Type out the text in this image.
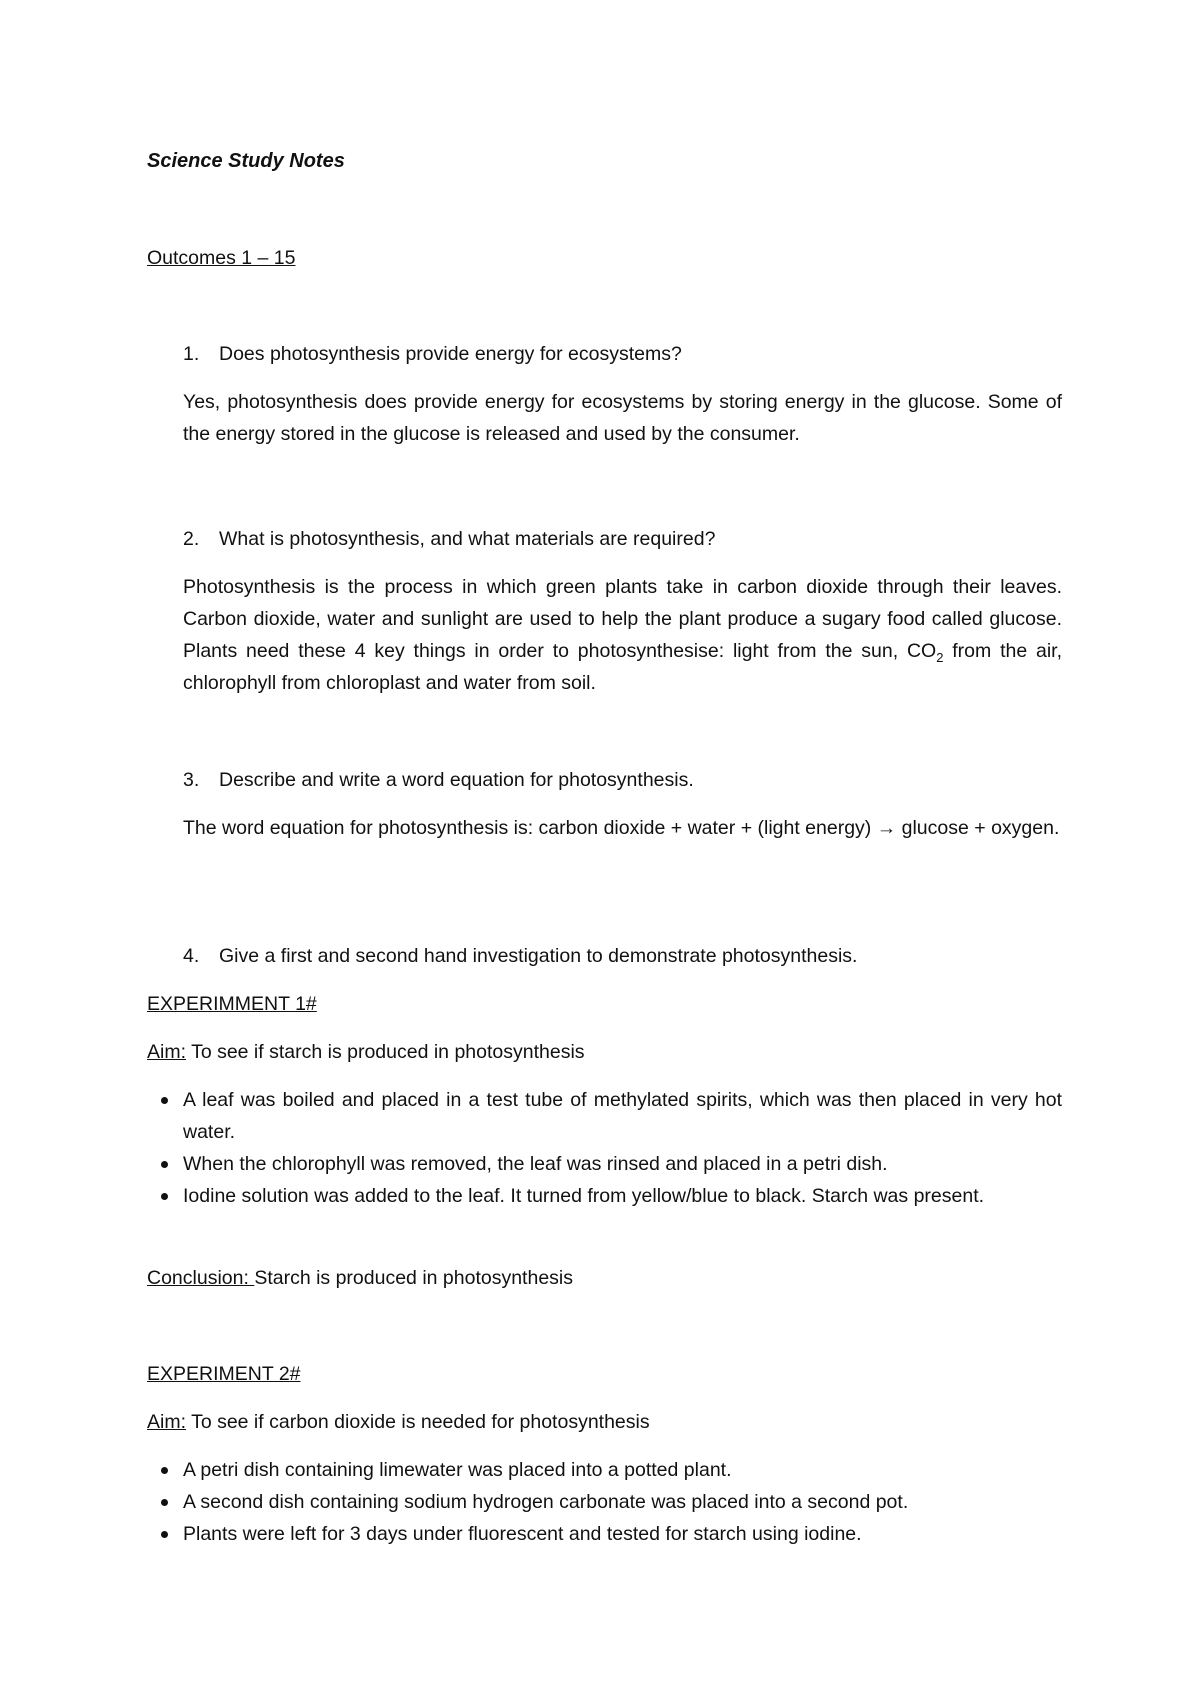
Science Study Notes
Outcomes 1 – 15
1. Does photosynthesis provide energy for ecosystems?
Yes, photosynthesis does provide energy for ecosystems by storing energy in the glucose. Some of the energy stored in the glucose is released and used by the consumer.
2. What is photosynthesis, and what materials are required?
Photosynthesis is the process in which green plants take in carbon dioxide through their leaves. Carbon dioxide, water and sunlight are used to help the plant produce a sugary food called glucose. Plants need these 4 key things in order to photosynthesise: light from the sun, $CO_2$ from the air, chlorophyll from chloroplast and water from soil.
3. Describe and write a word equation for photosynthesis.
The word equation for photosynthesis is: carbon dioxide + water + (light energy) → glucose + oxygen.
4. Give a first and second hand investigation to demonstrate photosynthesis.
EXPERIMMENT 1#
Aim: To see if starch is produced in photosynthesis
A leaf was boiled and placed in a test tube of methylated spirits, which was then placed in very hot water.
When the chlorophyll was removed, the leaf was rinsed and placed in a petri dish.
Iodine solution was added to the leaf. It turned from yellow/blue to black. Starch was present.
Conclusion: Starch is produced in photosynthesis
EXPERIMENT 2#
Aim: To see if carbon dioxide is needed for photosynthesis
A petri dish containing limewater was placed into a potted plant.
A second dish containing sodium hydrogen carbonate was placed into a second pot.
Plants were left for 3 days under fluorescent and tested for starch using iodine.
